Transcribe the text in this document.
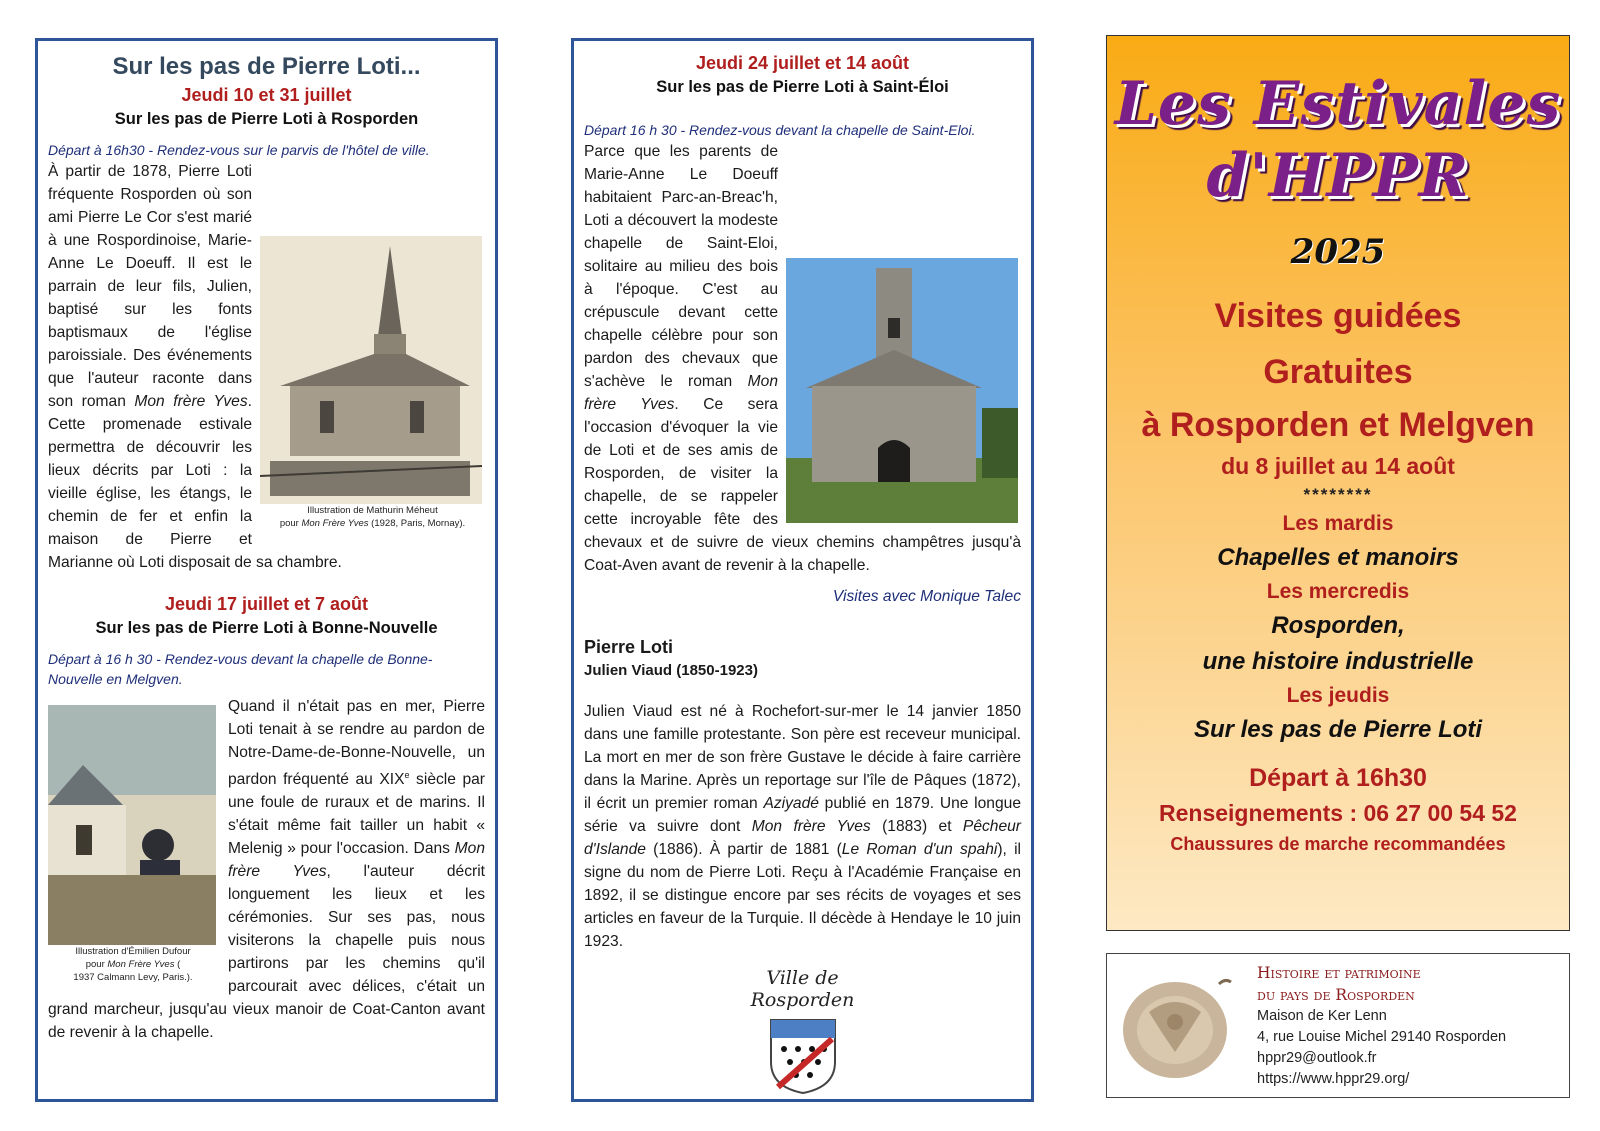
Sur les pas de Pierre Loti...
Jeudi 10 et 31 juillet
Sur les pas de Pierre Loti à Rosporden
Départ à 16h30 - Rendez-vous sur le parvis de l'hôtel de ville.
Illustration de Mathurin Méheut
pour Mon Frère Yves (1928, Paris, Mornay).

À partir de 1878, Pierre Loti fréquente Rosporden où son ami Pierre Le Cor s'est marié à une Rospordinoise, Marie-Anne Le Doeuff. Il est le parrain de leur fils, Julien, baptisé sur les fonts baptismaux de l'église paroissiale. Des événements que l'auteur raconte dans son roman Mon frère Yves. Cette promenade estivale permettra de découvrir les lieux décrits par Loti : la vieille église, les étangs, le chemin de fer et enfin la maison de Pierre et Marianne où Loti disposait de sa chambre.

Jeudi 17 juillet et 7 août
Sur les pas de Pierre Loti à Bonne-Nouvelle
Départ à 16 h 30 - Rendez-vous devant la chapelle de Bonne-Nouvelle en Melgven.
Illustration d'Émilien Dufour
pour Mon Frère Yves (
1937 Calmann Levy, Paris.).

Quand il n'était pas en mer, Pierre Loti tenait à se rendre au pardon de Notre-Dame-de-Bonne-Nouvelle, un pardon fréquenté au XIXe siècle par une foule de ruraux et de marins. Il s'était même fait tailler un habit « Melenig » pour l'occasion. Dans Mon frère Yves, l'auteur décrit longuement les lieux et les cérémonies. Sur ses pas, nous visiterons la chapelle puis nous partirons par les chemins qu'il parcourait avec délices, c'était un grand marcheur, jusqu'au vieux manoir de Coat-Canton avant de revenir à la chapelle.

Jeudi 24 juillet et 14 août
Sur les pas de Pierre Loti à Saint-Éloi
Départ 16 h 30 - Rendez-vous devant la chapelle de Saint-Eloi.

Parce que les parents de Marie-Anne Le Doeuff habitaient Parc-an-Breac'h, Loti a découvert la modeste chapelle de Saint-Eloi, solitaire au milieu des bois à l'époque. C'est au crépuscule devant cette chapelle célèbre pour son pardon des chevaux que s'achève le roman Mon frère Yves. Ce sera l'occasion d'évoquer la vie de Loti et de ses amis de Rosporden, de visiter la chapelle, de se rappeler cette incroyable fête des chevaux et de suivre de vieux chemins champêtres jusqu'à Coat-Aven avant de revenir à la chapelle.

Visites avec Monique Talec
Pierre Loti
Julien Viaud (1850-1923)

Julien Viaud est né à Rochefort-sur-mer le 14 janvier 1850 dans une famille protestante. Son père est receveur municipal. La mort en mer de son frère Gustave le décide à faire carrière dans la Marine. Après un reportage sur l'île de Pâques (1872), il écrit un premier roman Aziyadé publié en 1879. Une longue série va suivre dont Mon frère Yves (1883) et Pêcheur d'Islande (1886). À partir de 1881 (Le Roman d'un spahi), il signe du nom de Pierre Loti. Reçu à l'Académie Française en 1892, il se distingue encore par ses récits de voyages et ses articles en faveur de la Turquie. Il décède à Hendaye le 10 juin 1923.

Ville de
Rosporden
Les Estivales
d'HPPR
2025
Visites guidées
Gratuites
à Rosporden et Melgven
du 8 juillet au 14 août
********
Les mardis
Chapelles et manoirs
Les mercredis
Rosporden,
une histoire industrielle
Les jeudis
Sur les pas de Pierre Loti
Départ à 16h30
Renseignements : 06 27 00 54 52
Chaussures de marche recommandées
Histoire et patrimoine
du pays de Rosporden
Maison de Ker Lenn
4, rue Louise Michel 29140 Rosporden
hppr29@outlook.fr
https://www.hppr29.org/
